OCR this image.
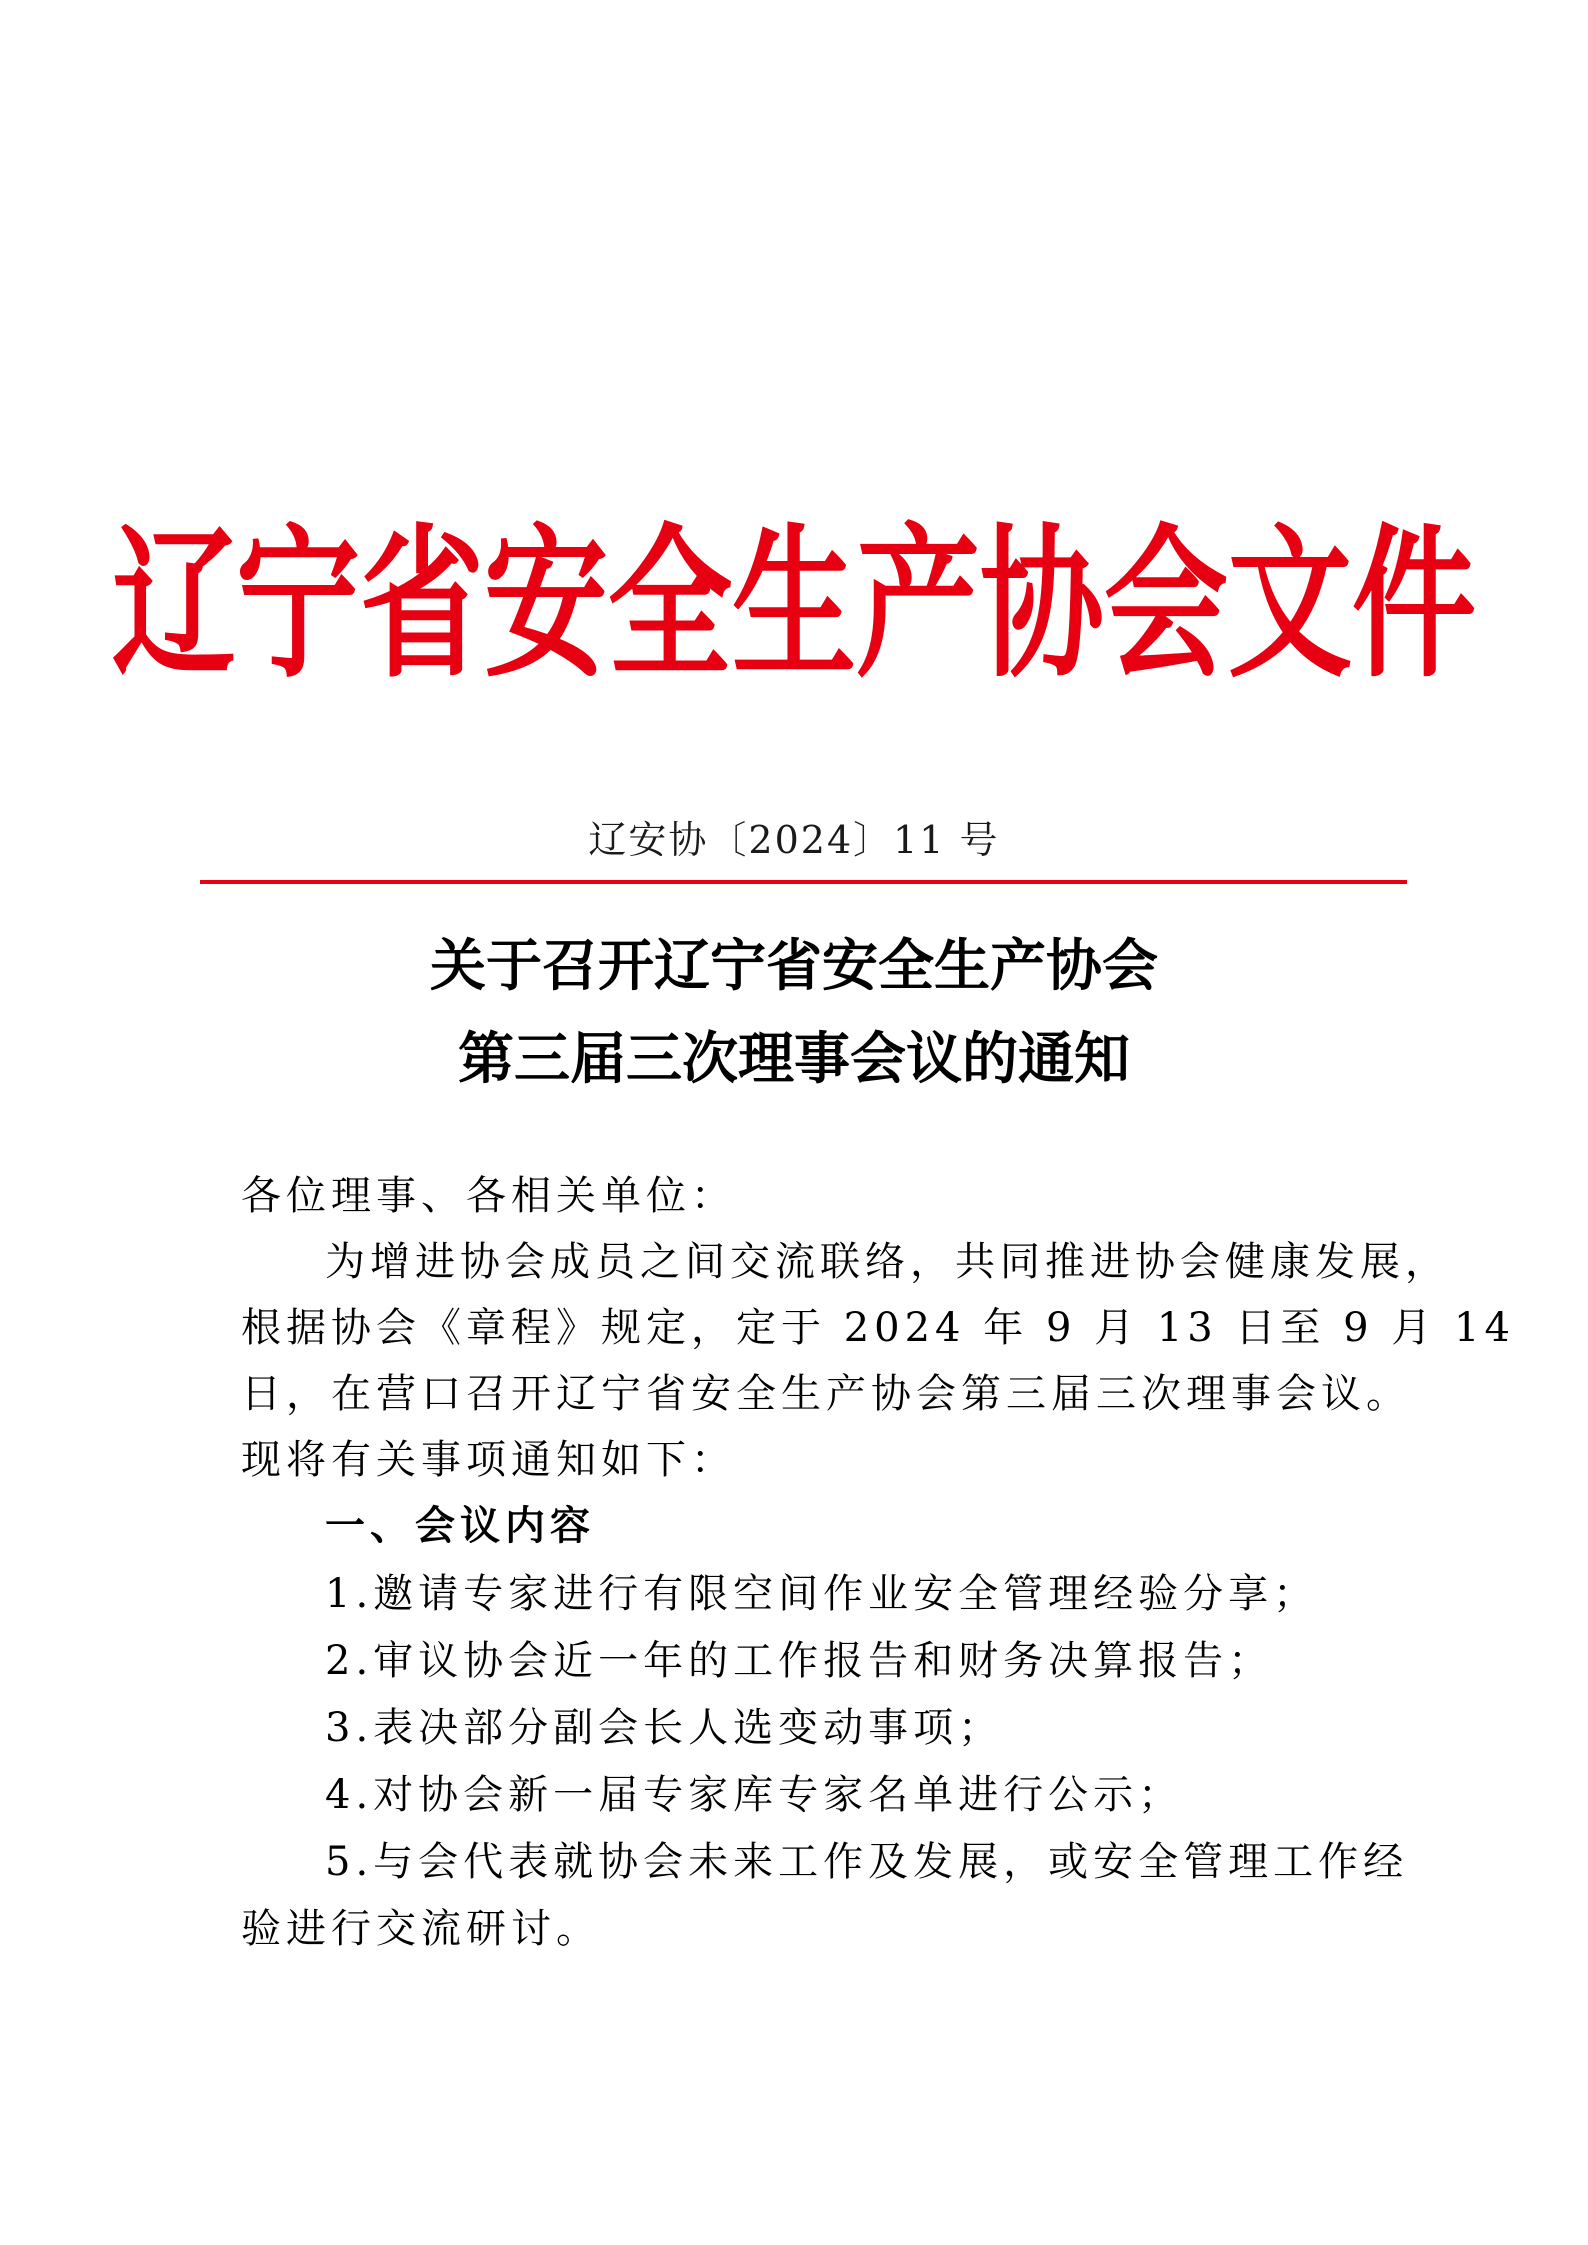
辽宁省安全生产协会文件
辽安协〔2024〕11 号
关于召开辽宁省安全生产协会
第三届三次理事会议的通知
各位理事、各相关单位：
为增进协会成员之间交流联络，共同推进协会健康发展，
根据协会《章程》规定，定于 2024 年 9 月 13 日至 9 月 14
日，在营口召开辽宁省安全生产协会第三届三次理事会议。
现将有关事项通知如下：
一、会议内容
1.邀请专家进行有限空间作业安全管理经验分享；
2.审议协会近一年的工作报告和财务决算报告；
3.表决部分副会长人选变动事项；
4.对协会新一届专家库专家名单进行公示；
5.与会代表就协会未来工作及发展，或安全管理工作经
验进行交流研讨。
